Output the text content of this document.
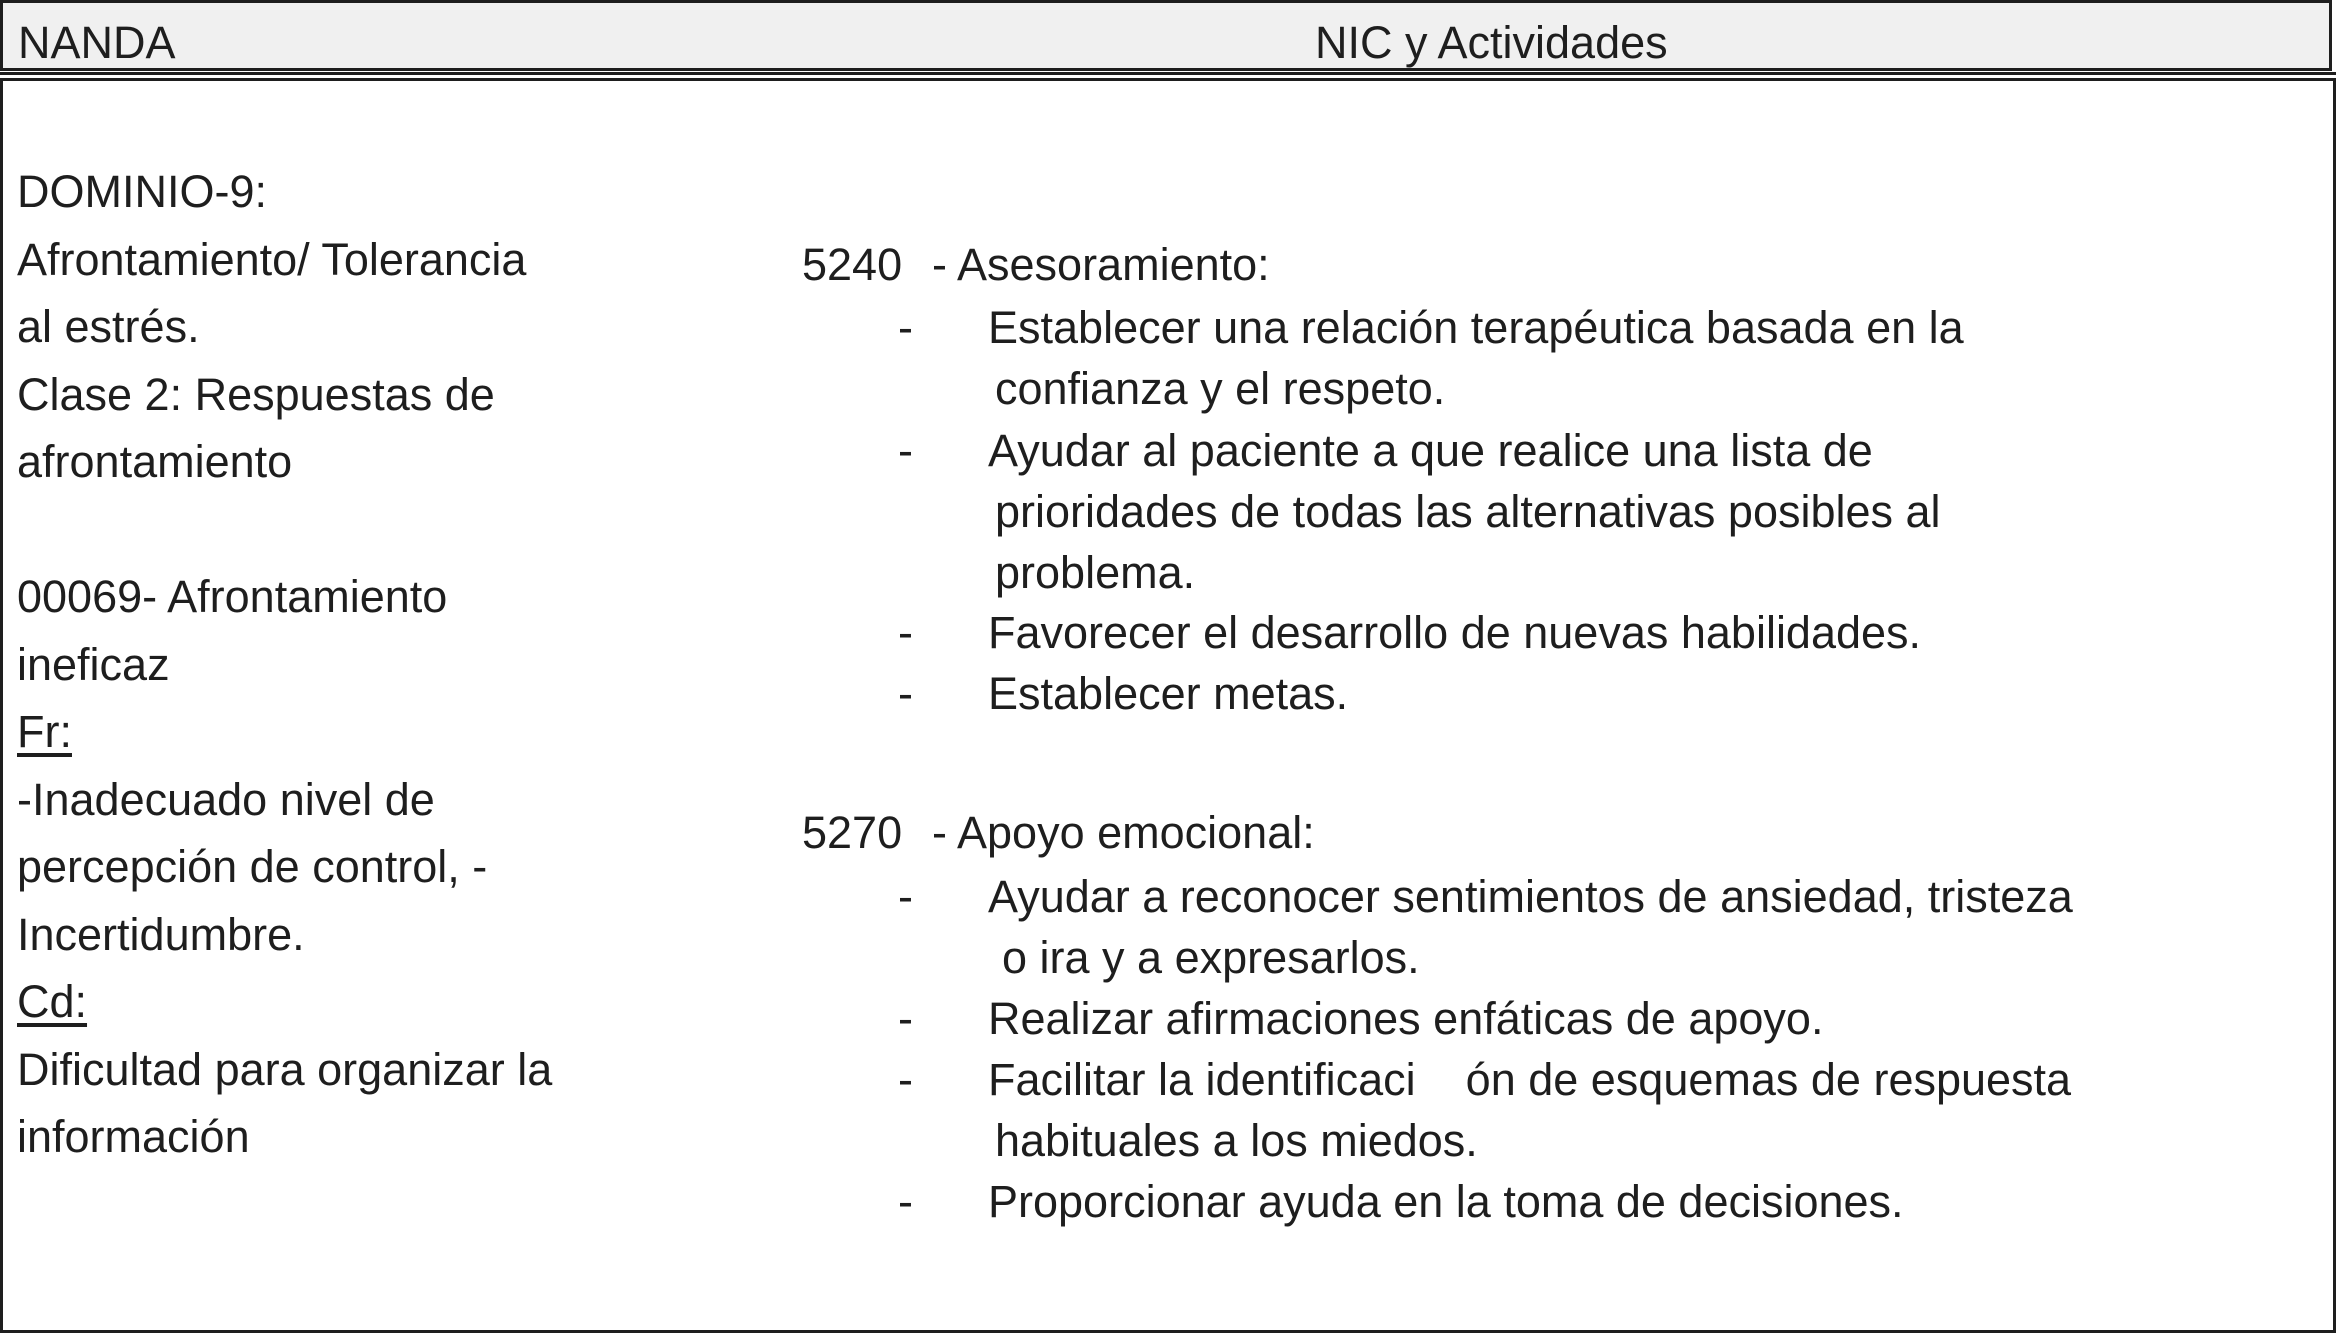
NANDA	NIC y Actividades
DOMINIO-9:
Afrontamiento/ Tolerancia
al estrés.
Clase 2: Respuestas de
afrontamiento
00069- Afrontamiento
ineficaz
Fr:
-Inadecuado nivel de
percepción de control, -
Incertidumbre.
Cd:
Dificultad para organizar la
información
5240 - Asesoramiento:
- Establecer una relación terapéutica basada en la
confianza y el respeto.
- Ayudar al paciente a que realice una lista de
prioridades de todas las alternativas posibles al
problema.
- Favorecer el desarrollo de nuevas habilidades.
- Establecer metas.
5270 - Apoyo emocional:
- Ayudar a reconocer sentimientos de ansiedad, tristeza
o ira y a expresarlos.
- Realizar afirmaciones enfáticas de apoyo.
- Facilitar la identificaci    ón de esquemas de respuesta
habituales a los miedos.
- Proporcionar ayuda en la toma de decisiones.
